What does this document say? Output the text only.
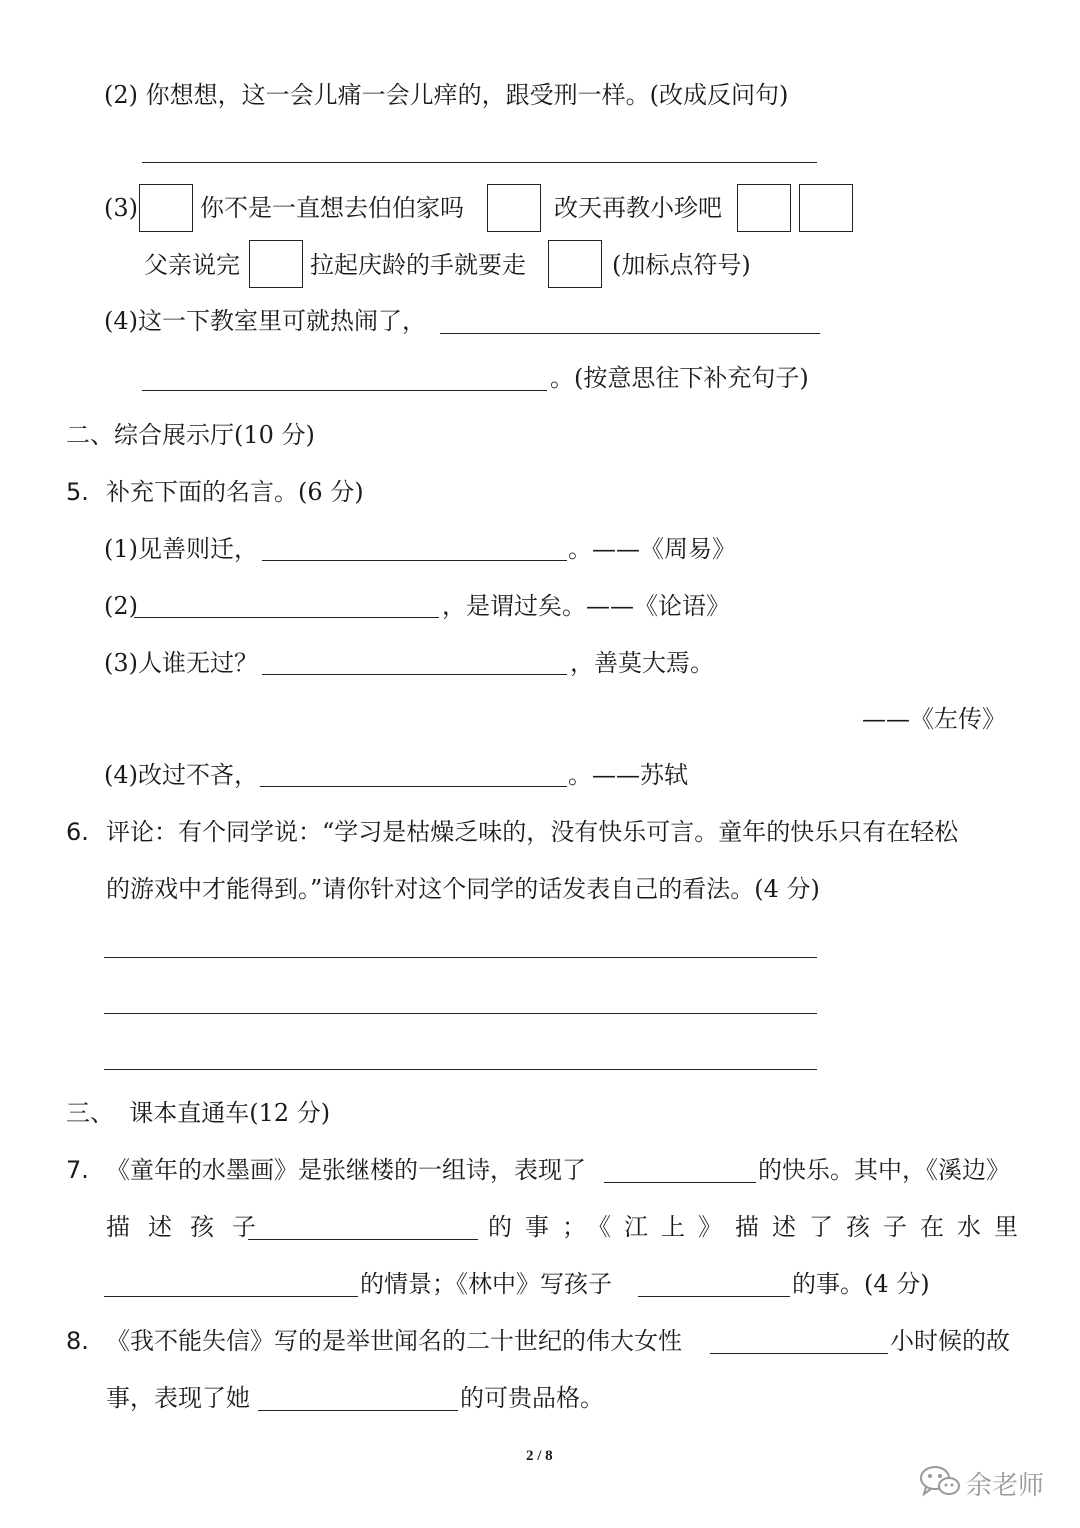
(2) 你想想，这一会儿痛一会儿痒的，跟受刑一样。(改成反问句)
(3)	你不是一直想去伯伯家吗	改天再教小珍吧
父亲说完	拉起庆龄的手就要走	(加标点符号)
(4)这一下教室里可就热闹了，
。(按意思往下补充句子)
二、综合展示厅(10 分)
5. 补充下面的名言。(6 分)
(1)见善则迁，	。——《周易》
(2)	，是谓过矣。——《论语》
(3)人谁无过？	，善莫大焉。
——《左传》
(4)改过不吝，	。——苏轼
6. 评论：有个同学说：“学习是枯燥乏味的，没有快乐可言。童年的快乐只有在轻松
的游戏中才能得到。”请你针对这个同学的话发表自己的看法。(4 分)
三、  课本直通车(12 分)
7. 《童年的水墨画》是张继楼的一组诗，表现了	的快乐。其中，《溪边》
描述孩子	的事；《江上》描述了孩子在水里
的情景；《林中》写孩子	的事。(4 分)
8. 《我不能失信》写的是举世闻名的二十世纪的伟大女性	小时候的故
事，表现了她	的可贵品格。
2 / 8
余老师
